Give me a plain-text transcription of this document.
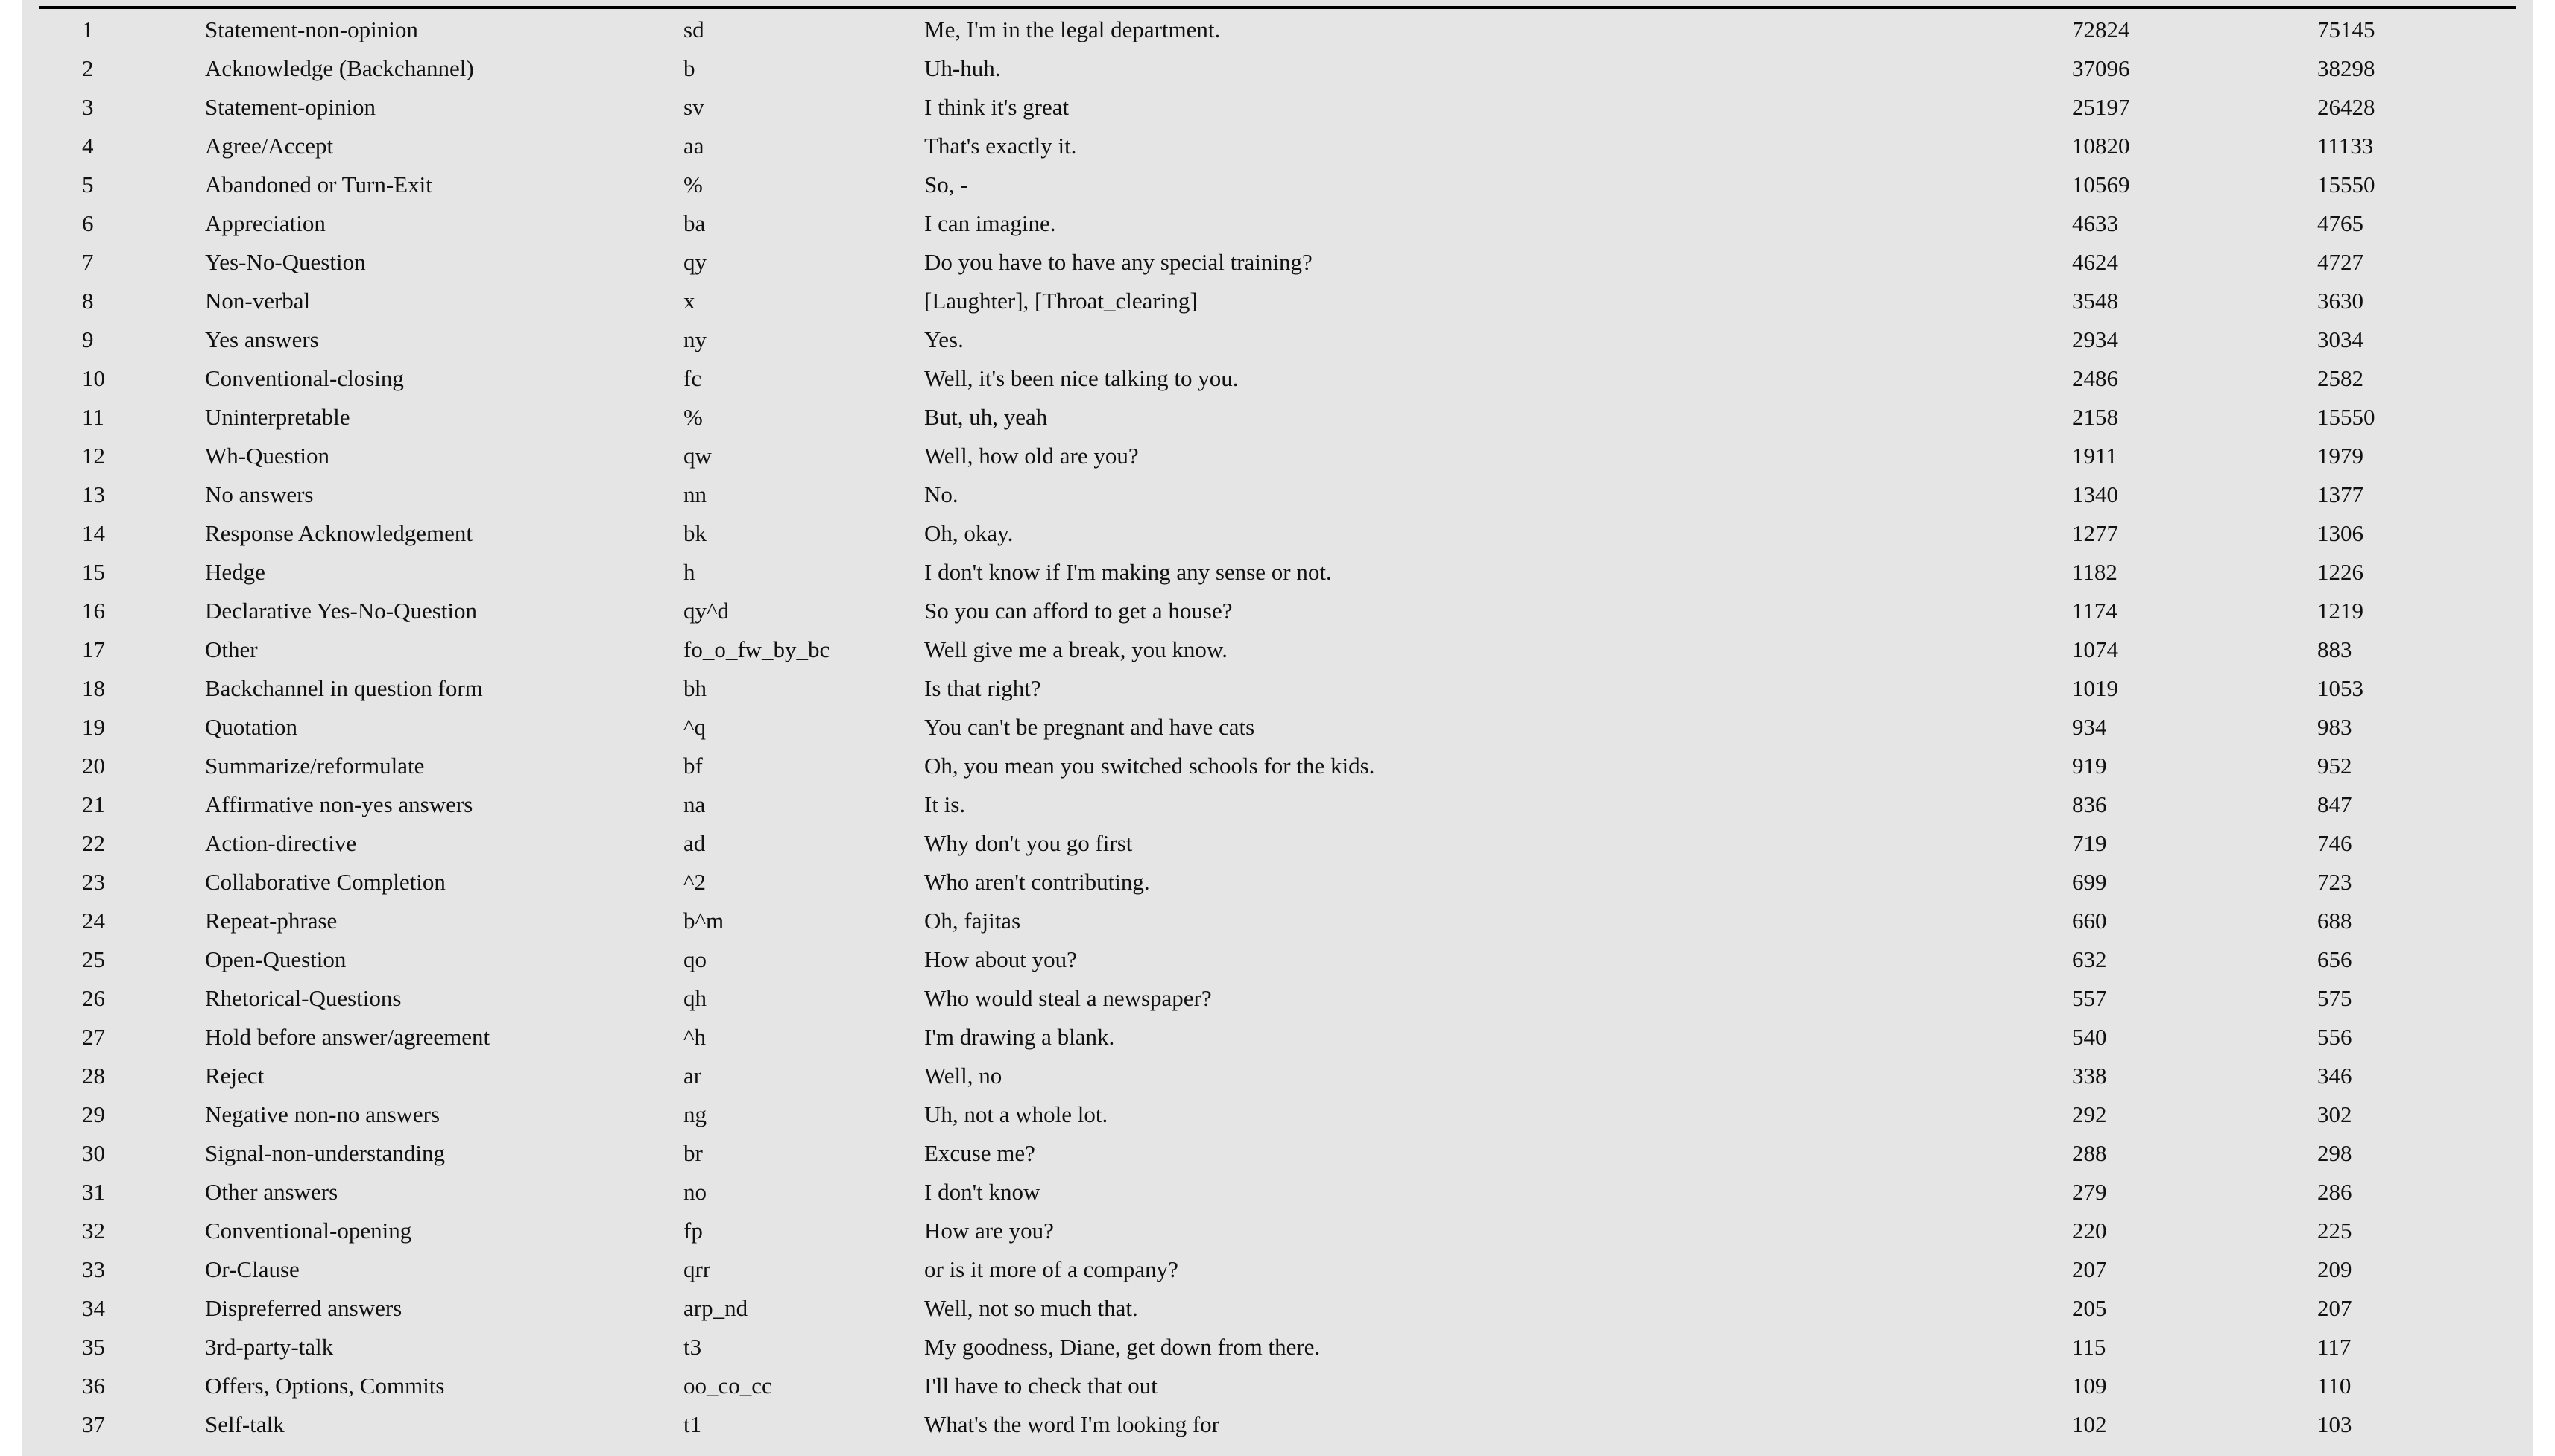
1	Statement-non-opinion	sd	Me, I'm in the legal department.	72824	75145
2	Acknowledge (Backchannel)	b	Uh-huh.	37096	38298
3	Statement-opinion	sv	I think it's great	25197	26428
4	Agree/Accept	aa	That's exactly it.	10820	11133
5	Abandoned or Turn-Exit	%	So, -	10569	15550
6	Appreciation	ba	I can imagine.	4633	4765
7	Yes-No-Question	qy	Do you have to have any special training?	4624	4727
8	Non-verbal	x	[Laughter], [Throat_clearing]	3548	3630
9	Yes answers	ny	Yes.	2934	3034
10	Conventional-closing	fc	Well, it's been nice talking to you.	2486	2582
11	Uninterpretable	%	But, uh, yeah	2158	15550
12	Wh-Question	qw	Well, how old are you?	1911	1979
13	No answers	nn	No.	1340	1377
14	Response Acknowledgement	bk	Oh, okay.	1277	1306
15	Hedge	h	I don't know if I'm making any sense or not.	1182	1226
16	Declarative Yes-No-Question	qy^d	So you can afford to get a house?	1174	1219
17	Other	fo_o_fw_by_bc	Well give me a break, you know.	1074	883
18	Backchannel in question form	bh	Is that right?	1019	1053
19	Quotation	^q	You can't be pregnant and have cats	934	983
20	Summarize/reformulate	bf	Oh, you mean you switched schools for the kids.	919	952
21	Affirmative non-yes answers	na	It is.	836	847
22	Action-directive	ad	Why don't you go first	719	746
23	Collaborative Completion	^2	Who aren't contributing.	699	723
24	Repeat-phrase	b^m	Oh, fajitas	660	688
25	Open-Question	qo	How about you?	632	656
26	Rhetorical-Questions	qh	Who would steal a newspaper?	557	575
27	Hold before answer/agreement	^h	I'm drawing a blank.	540	556
28	Reject	ar	Well, no	338	346
29	Negative non-no answers	ng	Uh, not a whole lot.	292	302
30	Signal-non-understanding	br	Excuse me?	288	298
31	Other answers	no	I don't know	279	286
32	Conventional-opening	fp	How are you?	220	225
33	Or-Clause	qrr	or is it more of a company?	207	209
34	Dispreferred answers	arp_nd	Well, not so much that.	205	207
35	3rd-party-talk	t3	My goodness, Diane, get down from there.	115	117
36	Offers, Options, Commits	oo_co_cc	I'll have to check that out	109	110
37	Self-talk	t1	What's the word I'm looking for	102	103
